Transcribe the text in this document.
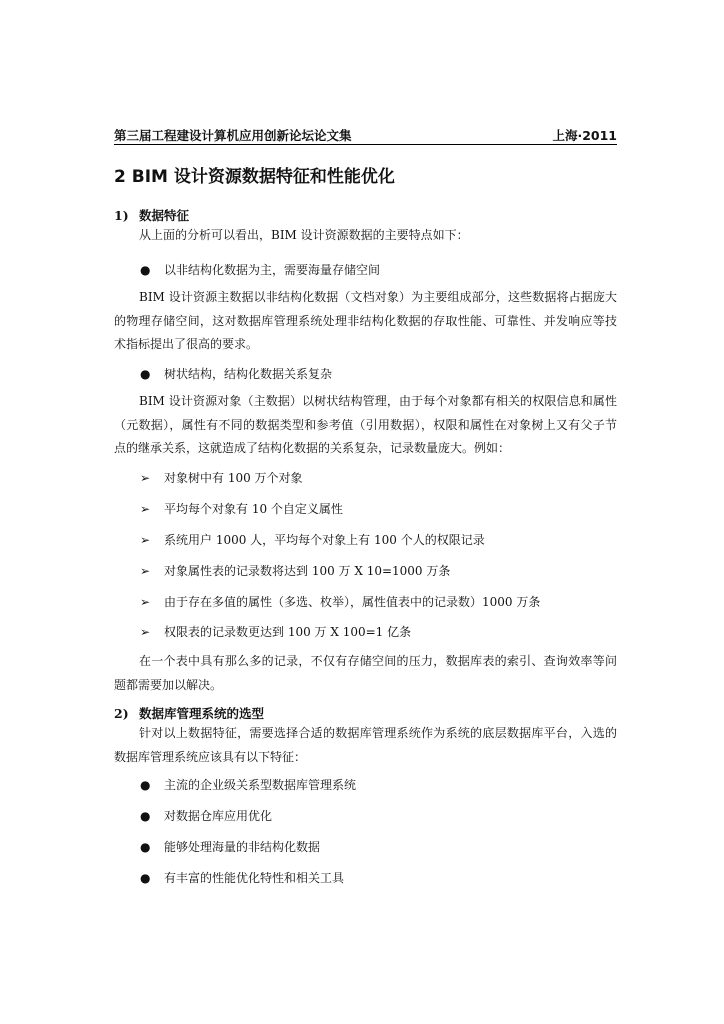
第三届工程建设计算机应用创新论坛论文集	上海·2011
2 BIM 设计资源数据特征和性能优化
1) 数据特征
从上面的分析可以看出，BIM 设计资源数据的主要特点如下：
● 以非结构化数据为主，需要海量存储空间
BIM 设计资源主数据以非结构化数据（文档对象）为主要组成部分，这些数据将占据庞大的物理存储空间，这对数据库管理系统处理非结构化数据的存取性能、可靠性、并发响应等技术指标提出了很高的要求。
● 树状结构，结构化数据关系复杂
BIM 设计资源对象（主数据）以树状结构管理，由于每个对象都有相关的权限信息和属性（元数据），属性有不同的数据类型和参考值（引用数据），权限和属性在对象树上又有父子节点的继承关系，这就造成了结构化数据的关系复杂，记录数量庞大。例如：
➢ 对象树中有 100 万个对象
➢ 平均每个对象有 10 个自定义属性
➢ 系统用户 1000 人，平均每个对象上有 100 个人的权限记录
➢ 对象属性表的记录数将达到 100 万 X 10=1000 万条
➢ 由于存在多值的属性（多选、枚举），属性值表中的记录数）1000 万条
➢ 权限表的记录数更达到 100 万 X 100=1 亿条
在一个表中具有那么多的记录，不仅有存储空间的压力，数据库表的索引、查询效率等问题都需要加以解决。
2) 数据库管理系统的选型
针对以上数据特征，需要选择合适的数据库管理系统作为系统的底层数据库平台，入选的数据库管理系统应该具有以下特征：
● 主流的企业级关系型数据库管理系统
● 对数据仓库应用优化
● 能够处理海量的非结构化数据
● 有丰富的性能优化特性和相关工具
